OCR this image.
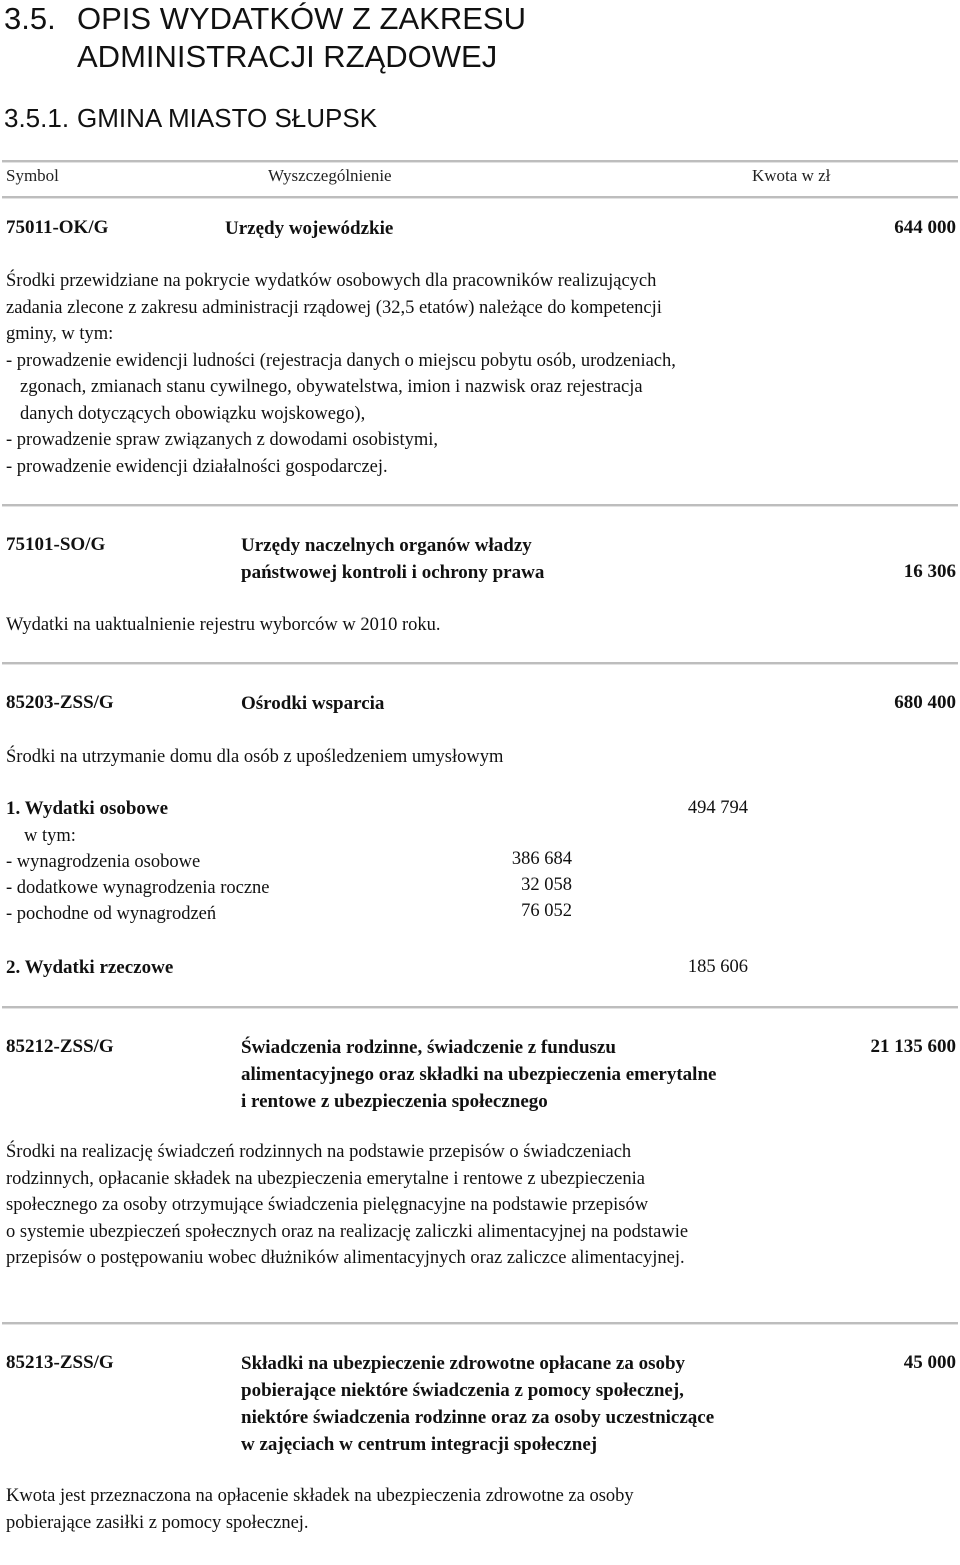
3.5. OPIS WYDATKÓW Z ZAKRESU
ADMINISTRACJI RZĄDOWEJ
3.5.1. GMINA MIASTO SŁUPSK
Symbol	Wyszczególnienie	Kwota w zł
75011-OK/G	Urzędy wojewódzkie	644 000
Środki przewidziane na pokrycie wydatków osobowych dla pracowników realizujących
zadania zlecone z zakresu administracji rządowej (32,5 etatów) należące do kompetencji
gminy, w tym:
- prowadzenie ewidencji ludności (rejestracja danych o miejscu pobytu osób, urodzeniach,
zgonach, zmianach stanu cywilnego, obywatelstwa, imion i nazwisk oraz rejestracja
danych dotyczących obowiązku wojskowego),
- prowadzenie spraw związanych z dowodami osobistymi,
- prowadzenie ewidencji działalności gospodarczej.
75101-SO/G	Urzędy naczelnych organów władzy
państwowej kontroli i ochrony prawa	16 306
Wydatki na uaktualnienie rejestru wyborców w 2010 roku.
85203-ZSS/G	Ośrodki wsparcia	680 400
Środki na utrzymanie domu dla osób z upośledzeniem umysłowym
1. Wydatki osobowe	494 794
w tym:
- wynagrodzenia osobowe	386 684
- dodatkowe wynagrodzenia roczne	32 058
- pochodne od wynagrodzeń	76 052
2. Wydatki rzeczowe	185 606
85212-ZSS/G	Świadczenia rodzinne, świadczenie z funduszu
alimentacyjnego oraz składki na ubezpieczenia emerytalne
i rentowe z ubezpieczenia społecznego
21 135 600
Środki na realizację świadczeń rodzinnych na podstawie przepisów o świadczeniach
rodzinnych, opłacanie składek na ubezpieczenia emerytalne i rentowe z ubezpieczenia
społecznego za osoby otrzymujące świadczenia pielęgnacyjne na podstawie przepisów
o systemie ubezpieczeń społecznych oraz na realizację zaliczki alimentacyjnej na podstawie
przepisów o postępowaniu wobec dłużników alimentacyjnych oraz zaliczce alimentacyjnej.
85213-ZSS/G	Składki na ubezpieczenie zdrowotne opłacane za osoby
pobierające niektóre świadczenia z pomocy społecznej,
niektóre świadczenia rodzinne oraz za osoby uczestniczące
w zajęciach w centrum integracji społecznej
45 000
Kwota jest przeznaczona na opłacenie składek na ubezpieczenia zdrowotne za osoby
pobierające zasiłki z pomocy społecznej.
